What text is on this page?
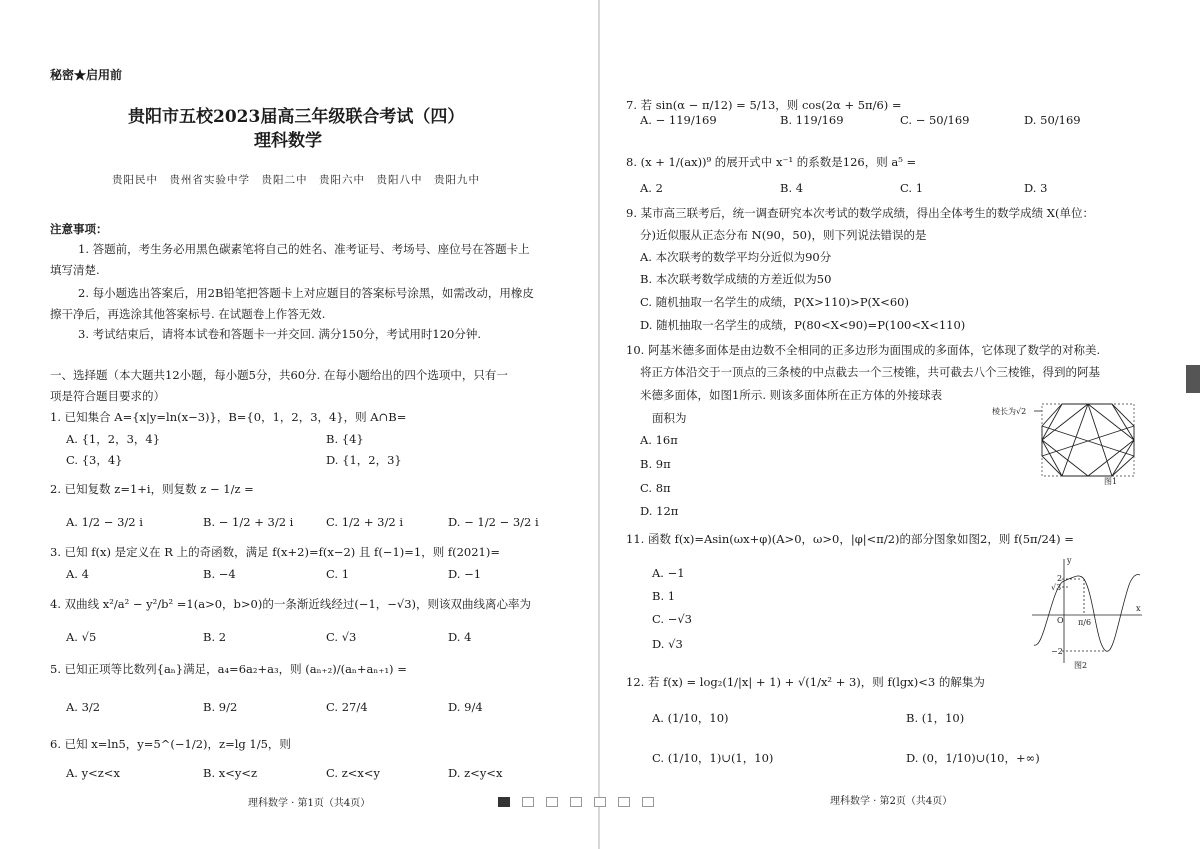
秘密★启用前
贵阳市五校2023届高三年级联合考试（四）
理科数学
贵阳民中　贵州省实验中学　贵阳二中　贵阳六中　贵阳八中　贵阳九中
注意事项：
1. 答题前，考生务必用黑色碳素笔将自己的姓名、准考证号、考场号、座位号在答题卡上
填写清楚.
2. 每小题选出答案后，用2B铅笔把答题卡上对应题目的答案标号涂黑，如需改动，用橡皮
擦干净后，再选涂其他答案标号. 在试题卷上作答无效.
3. 考试结束后，请将本试卷和答题卡一并交回. 满分150分，考试用时120分钟.
一、选择题（本大题共12小题，每小题5分，共60分. 在每小题给出的四个选项中，只有一
项是符合题目要求的）
1. 已知集合 A={x|y=ln(x−3)}，B={0，1，2，3，4}，则 A∩B=
A. {1，2，3，4}	B. {4}
C. {3，4}	D. {1，2，3}
2. 已知复数 z=1+i，则复数 z − 1/z =
A. 1/2 − 3/2 i	B. − 1/2 + 3/2 i	C. 1/2 + 3/2 i	D. − 1/2 − 3/2 i
3. 已知 f(x) 是定义在 R 上的奇函数，满足 f(x+2)=f(x−2) 且 f(−1)=1，则 f(2021)=
A. 4	B. −4	C. 1	D. −1
4. 双曲线 x²/a² − y²/b² =1(a>0，b>0)的一条渐近线经过(−1，−√3)，则该双曲线离心率为
A. √5	B. 2	C. √3	D. 4
5. 已知正项等比数列{aₙ}满足，a₄=6a₂+a₃，则 (aₙ₊₂)/(aₙ+aₙ₊₁) =
A. 3/2	B. 9/2	C. 27/4	D. 9/4
6. 已知 x=ln5，y=5^(−1/2)，z=lg 1/5，则
A. y<z<x	B. x<y<z	C. z<x<y	D. z<y<x
理科数学 · 第1页（共4页）
7. 若 sin(α − π/12) = 5/13，则 cos(2α + 5π/6) =
A. − 119/169	B. 119/169	C. − 50/169	D. 50/169
8. (x + 1/(ax))⁹ 的展开式中 x⁻¹ 的系数是126，则 a⁵ =
A. 2	B. 4	C. 1	D. 3
9. 某市高三联考后，统一调查研究本次考试的数学成绩，得出全体考生的数学成绩 X(单位：
分)近似服从正态分布 N(90，50)，则下列说法错误的是
A. 本次联考的数学平均分近似为90分
B. 本次联考数学成绩的方差近似为50
C. 随机抽取一名学生的成绩，P(X>110)>P(X<60)
D. 随机抽取一名学生的成绩，P(80<X<90)=P(100<X<110)
10. 阿基米德多面体是由边数不全相同的正多边形为面围成的多面体，它体现了数学的对称美.
将正方体沿交于一顶点的三条棱的中点截去一个三棱锥，共可截去八个三棱锥，得到的阿基
米德多面体，如图1所示. 则该多面体所在正方体的外接球表
面积为
A. 16π
B. 9π
C. 8π
D. 12π
棱长为√2
图1
11. 函数 f(x)=Asin(ωx+φ)(A>0，ω>0，|φ|<π/2)的部分图象如图2，则 f(5π/24) =
A. −1
B. 1
C. −√3
D. √3
y
x
2
√3
O π/6
−2
图2
12. 若 f(x) = log₂(1/|x| + 1) + √(1/x² + 3)，则 f(lgx)<3 的解集为
A. (1/10，10)	B. (1，10)
C. (1/10，1)∪(1，10)	D. (0，1/10)∪(10，+∞)
理科数学 · 第2页（共4页）
